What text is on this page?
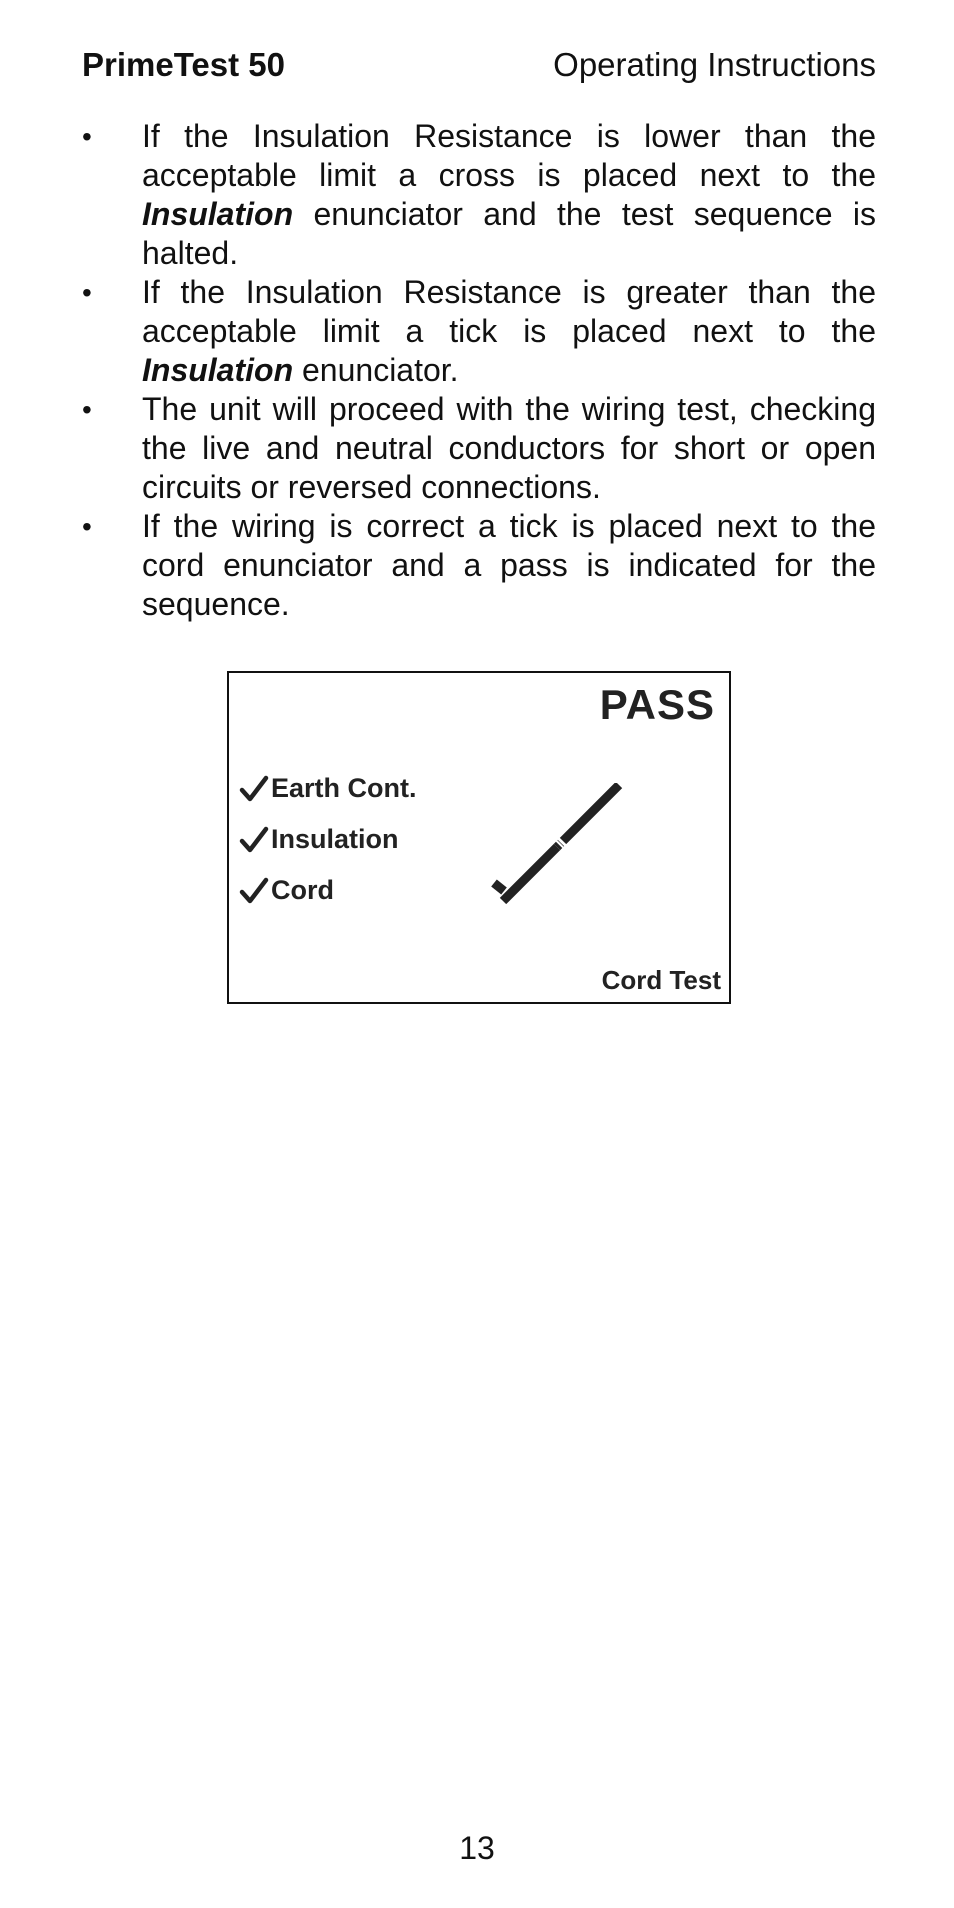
PrimeTest 50	Operating Instructions
•	If the Insulation Resistance is lower than the acceptable limit a cross is placed next to the Insulation enunciator and the test sequence is halted.
•	If the Insulation Resistance is greater than the acceptable limit a tick is placed next to the Insulation enunciator.
•	The unit will proceed with the wiring test, checking the live and neutral conductors for short or open circuits or reversed connections.
•	If the wiring is correct a tick is placed next to the cord enunciator and a pass is indicated for the sequence.
PASS
Earth Cont.
Insulation
Cord
Cord Test
13
